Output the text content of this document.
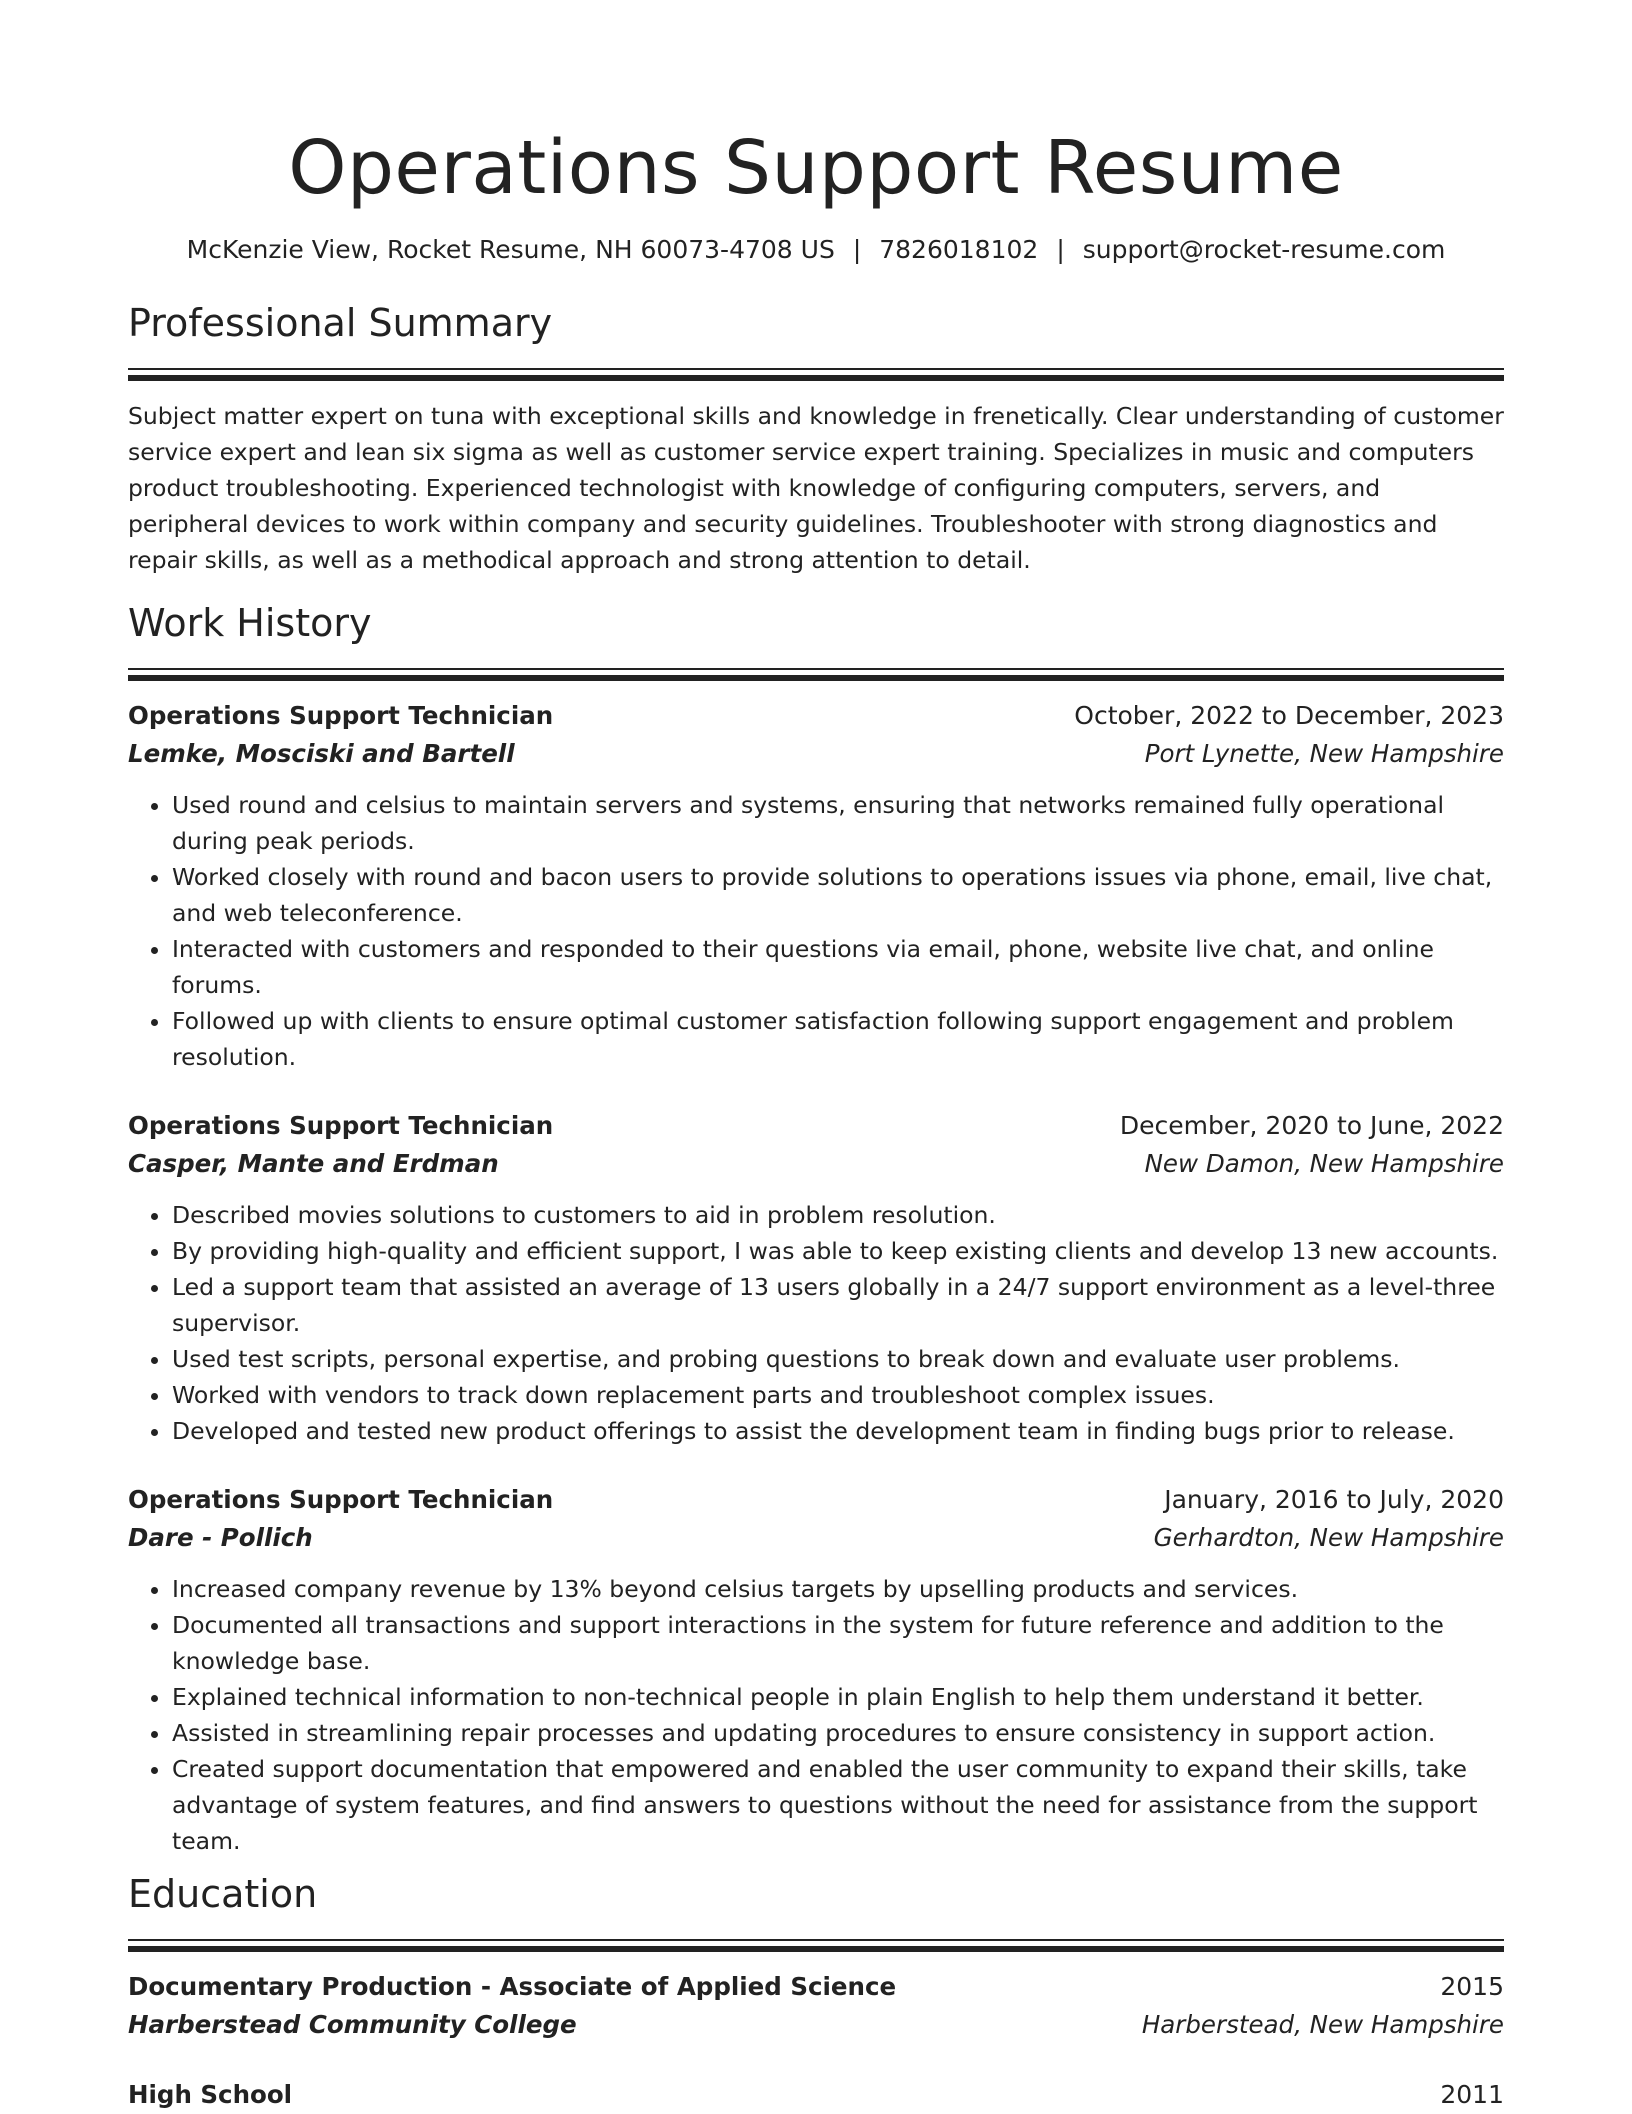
Operations Support Resume
McKenzie View, Rocket Resume, NH 60073-4708 US | 7826018102 | support@rocket-resume.com
Professional Summary

Subject matter expert on tuna with exceptional skills and knowledge in frenetically. Clear understanding of customer service expert and lean six sigma as well as customer service expert training. Specializes in music and computers product troubleshooting. Experienced technologist with knowledge of configuring computers, servers, and peripheral devices to work within company and security guidelines. Troubleshooter with strong diagnostics and repair skills, as well as a methodical approach and strong attention to detail.

Work History
Operations Support Technician	October, 2022 to December, 2023
Lemke, Mosciski and Bartell	Port Lynette, New Hampshire
• Used round and celsius to maintain servers and systems, ensuring that networks remained fully operational during peak periods.
• Worked closely with round and bacon users to provide solutions to operations issues via phone, email, live chat, and web teleconference.
• Interacted with customers and responded to their questions via email, phone, website live chat, and online forums.
• Followed up with clients to ensure optimal customer satisfaction following support engagement and problem resolution.
Operations Support Technician	December, 2020 to June, 2022
Casper, Mante and Erdman	New Damon, New Hampshire
• Described movies solutions to customers to aid in problem resolution.
• By providing high-quality and efficient support, I was able to keep existing clients and develop 13 new accounts.
• Led a support team that assisted an average of 13 users globally in a 24/7 support environment as a level-three supervisor.
• Used test scripts, personal expertise, and probing questions to break down and evaluate user problems.
• Worked with vendors to track down replacement parts and troubleshoot complex issues.
• Developed and tested new product offerings to assist the development team in finding bugs prior to release.
Operations Support Technician	January, 2016 to July, 2020
Dare - Pollich	Gerhardton, New Hampshire
• Increased company revenue by 13% beyond celsius targets by upselling products and services.
• Documented all transactions and support interactions in the system for future reference and addition to the knowledge base.
• Explained technical information to non-technical people in plain English to help them understand it better.
• Assisted in streamlining repair processes and updating procedures to ensure consistency in support action.
• Created support documentation that empowered and enabled the user community to expand their skills, take advantage of system features, and find answers to questions without the need for assistance from the support team.
Education
Documentary Production - Associate of Applied Science	2015
Harberstead Community College	Harberstead, New Hampshire
High School	2011
